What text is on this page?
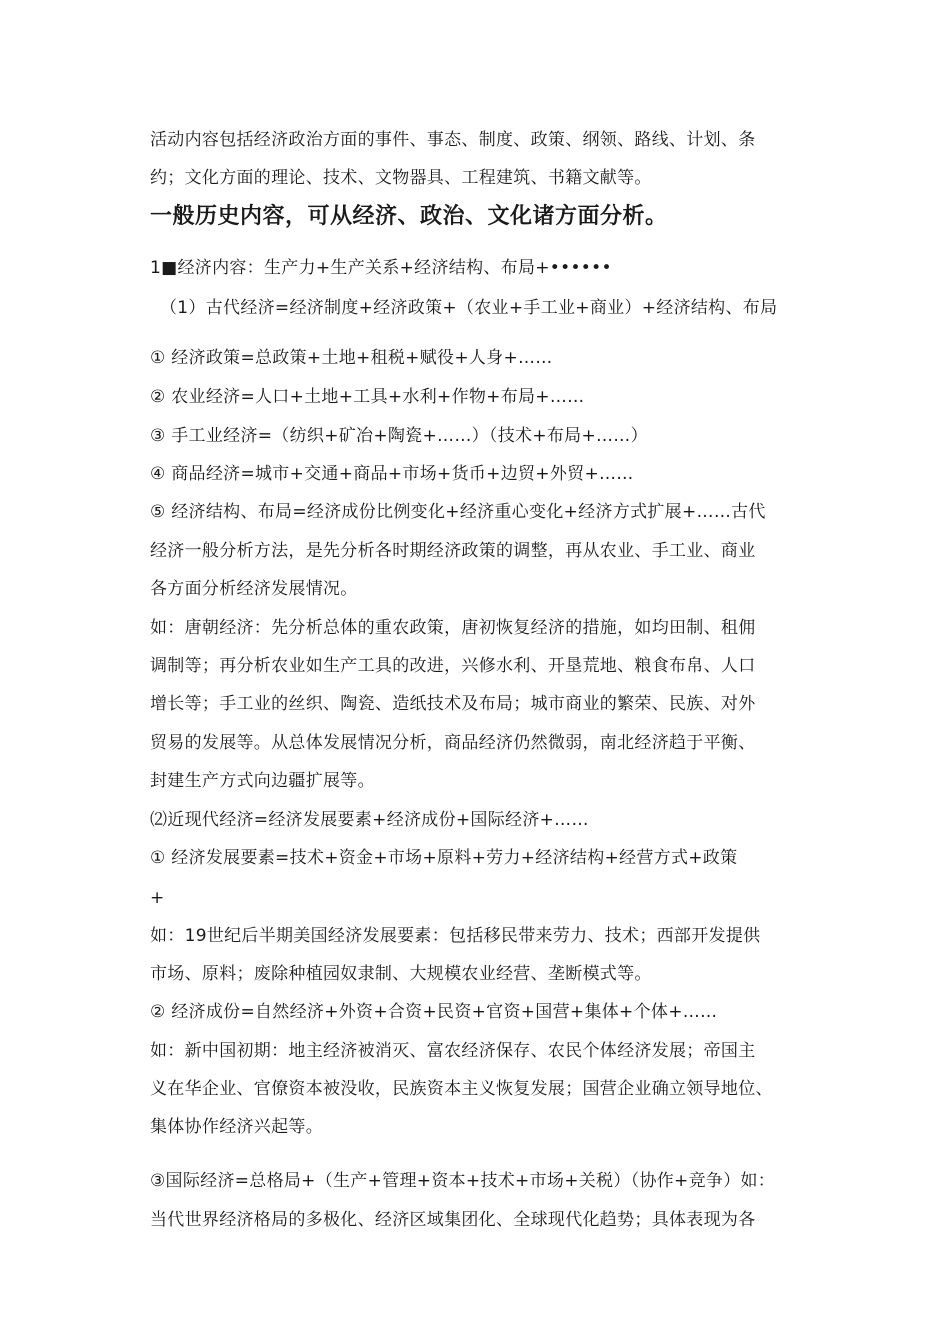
活动内容包括经济政治方面的事件、事态、制度、政策、纲领、路线、计划、条
约；文化方面的理论、技术、文物器具、工程建筑、书籍文献等。
一般历史内容，可从经济、政治、文化诸方面分析。
1■经济内容：生产力+生产关系+经济结构、布局+••••••
（1）古代经济=经济制度+经济政策+（农业+手工业+商业）+经济结构、布局
① 经济政策=总政策+土地+租税+赋役+人身+……
② 农业经济=人口+土地+工具+水利+作物+布局+……
③ 手工业经济=（纺织+矿冶+陶瓷+……）（技术+布局+……）
④ 商品经济=城市+交通+商品+市场+货币+边贸+外贸+……
⑤ 经济结构、布局=经济成份比例变化+经济重心变化+经济方式扩展+……古代
经济一般分析方法，是先分析各时期经济政策的调整，再从农业、手工业、商业
各方面分析经济发展情况。
如：唐朝经济：先分析总体的重农政策，唐初恢复经济的措施，如均田制、租佣
调制等；再分析农业如生产工具的改进，兴修水利、开垦荒地、粮食布帛、人口
增长等；手工业的丝织、陶瓷、造纸技术及布局；城市商业的繁荣、民族、对外
贸易的发展等。从总体发展情况分析，商品经济仍然微弱，南北经济趋于平衡、
封建生产方式向边疆扩展等。
⑵近现代经济=经济发展要素+经济成份+国际经济+……
① 经济发展要素=技术+资金+市场+原料+劳力+经济结构+经营方式+政策
+
如：19世纪后半期美国经济发展要素：包括移民带来劳力、技术；西部开发提供
市场、原料；废除种植园奴隶制、大规模农业经营、垄断模式等。
② 经济成份=自然经济+外资+合资+民资+官资+国营+集体+个体+……
如：新中国初期：地主经济被消灭、富农经济保存、农民个体经济发展；帝国主
义在华企业、官僚资本被没收，民族资本主义恢复发展；国营企业确立领导地位、
集体协作经济兴起等。
③国际经济=总格局+（生产+管理+资本+技术+市场+关税）（协作+竞争）如：
当代世界经济格局的多极化、经济区域集团化、全球现代化趋势；具体表现为各
